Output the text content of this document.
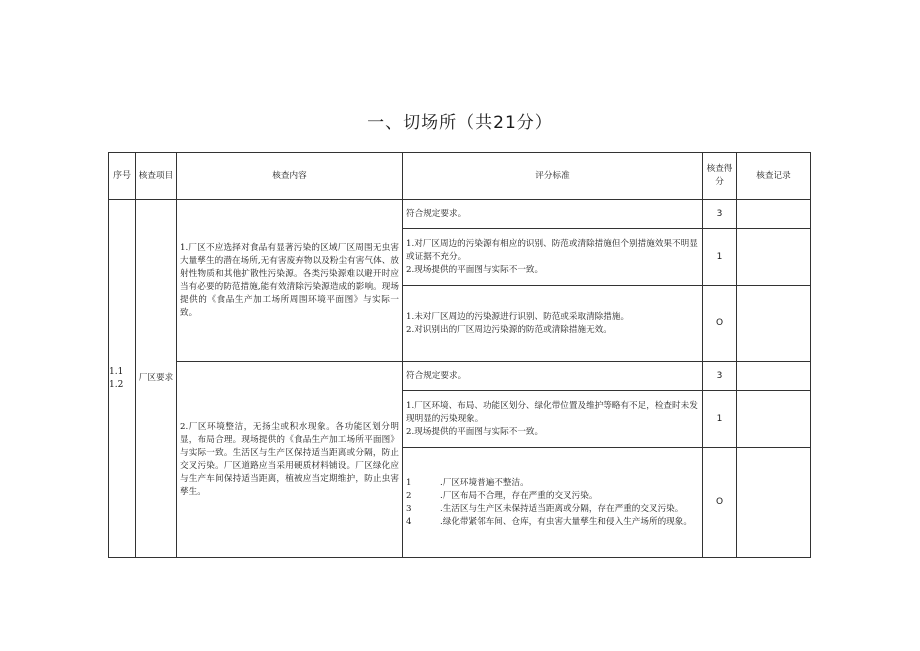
一、切场所（共21分）
序号	核查项目	核查内容	评分标准	核查得分	核查记录

1.1
1.2	厂区要求	1.厂区不应选择对食品有显著污染的区域厂区周围无虫害大量孳生的潜在场所,无有害废弃物以及粉尘有害气体、放射性物质和其他扩散性污染源。各类污染源难以避开时应当有必要的防范措施,能有效清除污染源造成的影响。现场提供的《食品生产加工场所周围环境平面图》与实际一致。	符合规定要求。	3	

			1.对厂区周边的污染源有相应的识别、防范或清除措施但个别措施效果不明显或证据不充分。
2.现场提供的平面图与实际不一致。	1	

			1.未对厂区周边的污染源进行识别、防范或采取清除措施。
2.对识别出的厂区周边污染源的防范或清除措施无效。	O	
		2.厂区环境整洁，无扬尘或积水现象。各功能区划分明显，布局合理。现场提供的《食品生产加工场所平面图》与实际一致。生活区与生产区保持适当距离或分隔，防止交叉污染。厂区道路应当采用硬质材料铺设。厂区绿化应与生产车间保持适当距离，植被应当定期维护，防止虫害孳生。	符合规定要求。	3	

			1.厂区环境、布局、功能区划分、绿化带位置及维护等略有不足，检查时未发现明显的污染现象。
2.现场提供的平面图与实际不一致。	1	

			1 .厂区环境普遍不整洁。
2 .厂区布局不合理，存在严重的交叉污染。
3 .生活区与生产区未保持适当距离或分隔，存在严重的交叉污染。
4 .绿化带紧邻车间、仓库，有虫害大量孳生和侵入生产场所的现象。	O	
